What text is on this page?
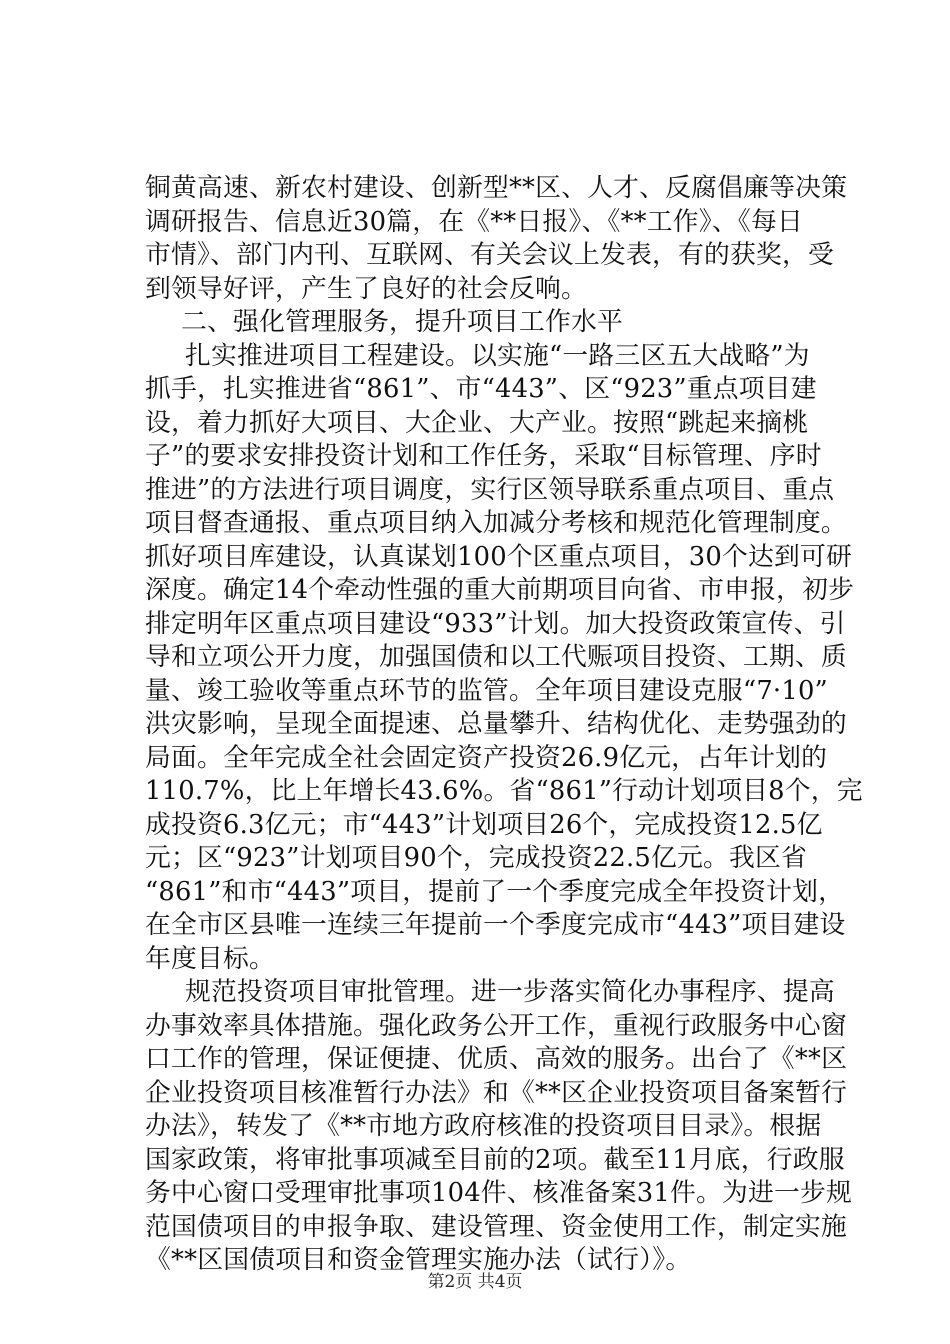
铜黄高速、新农村建设、创新型**区、人才、反腐倡廉等决策
调研报告、信息近30篇，在《**日报》、《**工作》、《每日
市情》、部门内刊、互联网、有关会议上发表，有的获奖，受
到领导好评，产生了良好的社会反响。
二、强化管理服务，提升项目工作水平
扎实推进项目工程建设。以实施“一路三区五大战略”为
抓手，扎实推进省“861”、市“443”、区“923”重点项目建
设，着力抓好大项目、大企业、大产业。按照“跳起来摘桃
子”的要求安排投资计划和工作任务，采取“目标管理、序时
推进”的方法进行项目调度，实行区领导联系重点项目、重点
项目督查通报、重点项目纳入加减分考核和规范化管理制度。
抓好项目库建设，认真谋划100个区重点项目，30个达到可研
深度。确定14个牵动性强的重大前期项目向省、市申报，初步
排定明年区重点项目建设“933”计划。加大投资政策宣传、引
导和立项公开力度，加强国债和以工代赈项目投资、工期、质
量、竣工验收等重点环节的监管。全年项目建设克服“7·10”
洪灾影响，呈现全面提速、总量攀升、结构优化、走势强劲的
局面。全年完成全社会固定资产投资26.9亿元，占年计划的
110.7%，比上年增长43.6%。省“861”行动计划项目8个，完
成投资6.3亿元；市“443”计划项目26个，完成投资12.5亿
元；区“923”计划项目90个，完成投资22.5亿元。我区省
“861”和市“443”项目，提前了一个季度完成全年投资计划，
在全市区县唯一连续三年提前一个季度完成市“443”项目建设
年度目标。
规范投资项目审批管理。进一步落实简化办事程序、提高
办事效率具体措施。强化政务公开工作，重视行政服务中心窗
口工作的管理，保证便捷、优质、高效的服务。出台了《**区
企业投资项目核准暂行办法》和《**区企业投资项目备案暂行
办法》，转发了《**市地方政府核准的投资项目目录》。根据
国家政策，将审批事项减至目前的2项。截至11月底，行政服
务中心窗口受理审批事项104件、核准备案31件。为进一步规
范国债项目的申报争取、建设管理、资金使用工作，制定实施
《**区国债项目和资金管理实施办法（试行）》。
第2页 共4页
